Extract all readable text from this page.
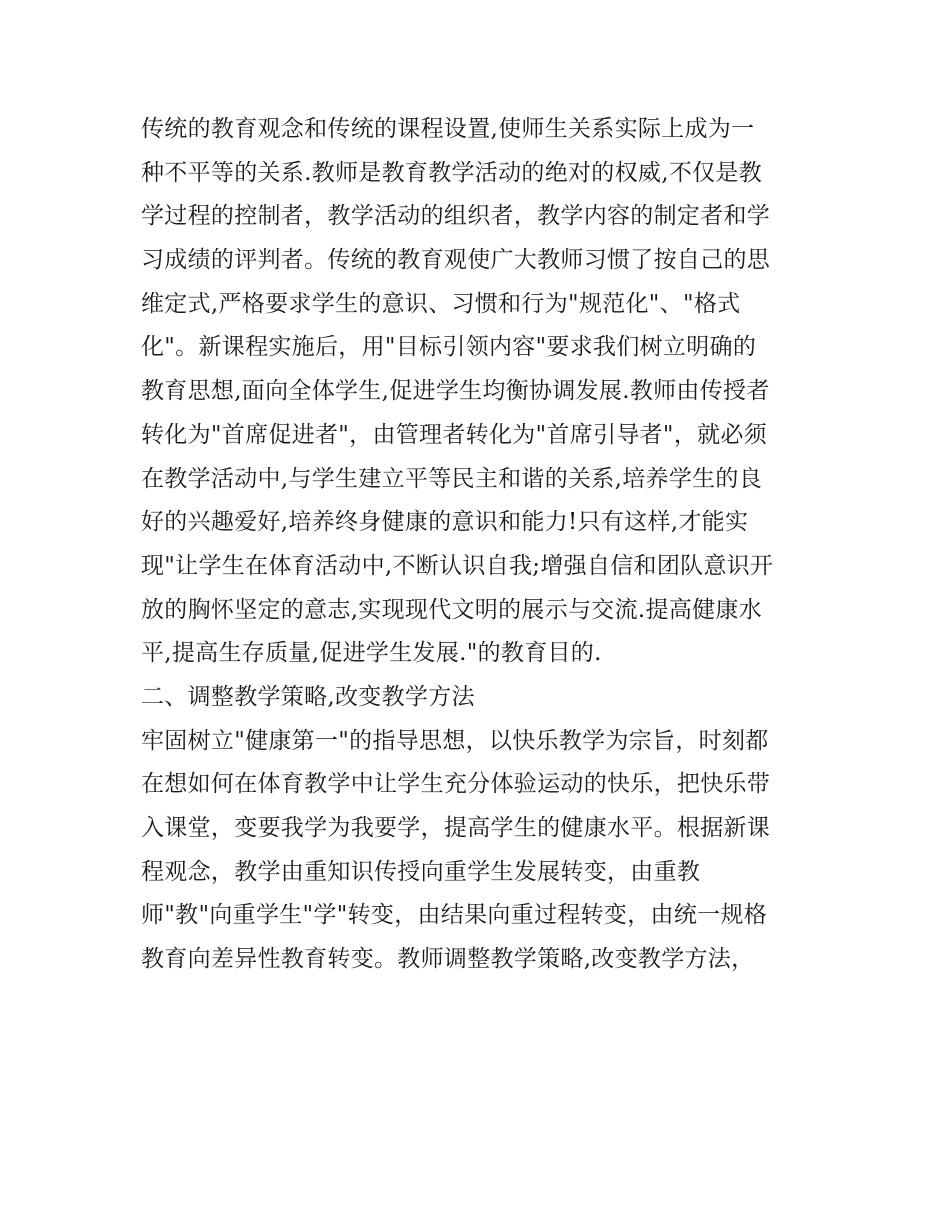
传统的教育观念和传统的课程设置,使师生关系实际上成为一
种不平等的关系.教师是教育教学活动的绝对的权威,不仅是教
学过程的控制者，教学活动的组织者，教学内容的制定者和学
习成绩的评判者。传统的教育观使广大教师习惯了按自己的思
维定式,严格要求学生的意识、习惯和行为"规范化"、"格式
化"。新课程实施后，用"目标引领内容"要求我们树立明确的
教育思想,面向全体学生,促进学生均衡协调发展.教师由传授者
转化为"首席促进者"，由管理者转化为"首席引导者"，就必须
在教学活动中,与学生建立平等民主和谐的关系,培养学生的良
好的兴趣爱好,培养终身健康的意识和能力!只有这样,才能实
现"让学生在体育活动中,不断认识自我;增强自信和团队意识开
放的胸怀坚定的意志,实现现代文明的展示与交流.提高健康水
平,提高生存质量,促进学生发展."的教育目的.
二、调整教学策略,改变教学方法
牢固树立"健康第一"的指导思想，以快乐教学为宗旨，时刻都
在想如何在体育教学中让学生充分体验运动的快乐，把快乐带
入课堂，变要我学为我要学，提高学生的健康水平。根据新课
程观念，教学由重知识传授向重学生发展转变，由重教
师"教"向重学生"学"转变，由结果向重过程转变，由统一规格
教育向差异性教育转变。教师调整教学策略,改变教学方法，
